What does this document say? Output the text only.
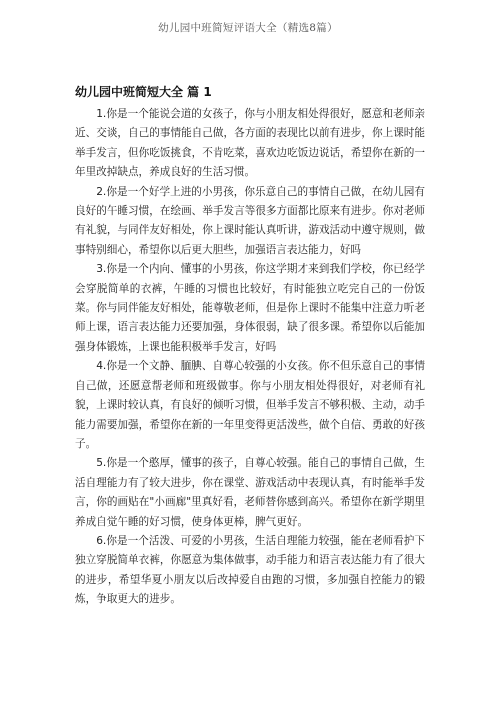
幼儿园中班简短评语大全（精选8篇）
幼儿园中班简短大全 篇 1

1.你是一个能说会道的女孩子，你与小朋友相处得很好，愿意和老师亲近、交谈，自己的事情能自己做，各方面的表现比以前有进步，你上课时能举手发言，但你吃饭挑食，不肯吃菜，喜欢边吃饭边说话，希望你在新的一年里改掉缺点，养成良好的生活习惯。

2.你是一个好学上进的小男孩，你乐意自己的事情自己做，在幼儿园有良好的午睡习惯，在绘画、举手发言等很多方面都比原来有进步。你对老师有礼貌，与同伴友好相处，你上课时能认真听讲，游戏活动中遵守规则，做事特别细心，希望你以后更大胆些，加强语言表达能力，好吗

3.你是一个内向、懂事的小男孩，你这学期才来到我们学校，你已经学会穿脱简单的衣裤，午睡的习惯也比较好，有时能独立吃完自己的一份饭菜。你与同伴能友好相处，能尊敬老师，但是你上课时不能集中注意力听老师上课，语言表达能力还要加强，身体很弱，缺了很多课。希望你以后能加强身体锻炼，上课也能积极举手发言，好吗

4.你是一个文静、腼腆、自尊心较强的小女孩。你不但乐意自己的事情自己做，还愿意帮老师和班级做事。你与小朋友相处得很好，对老师有礼貌，上课时较认真，有良好的倾听习惯，但举手发言不够积极、主动，动手能力需要加强，希望你在新的一年里变得更活泼些，做个自信、勇敢的好孩子。

5.你是一个憨厚，懂事的孩子，自尊心较强。能自己的事情自己做，生活自理能力有了较大进步，你在课堂、游戏活动中表现认真，有时能举手发言，你的画贴在"小画廊"里真好看，老师替你感到高兴。希望你在新学期里养成自觉午睡的好习惯，使身体更棒，脾气更好。

6.你是一个活泼、可爱的小男孩，生活自理能力较强，能在老师看护下独立穿脱简单衣裤，你愿意为集体做事，动手能力和语言表达能力有了很大的进步，希望华夏小朋友以后改掉爱自由跑的习惯，多加强自控能力的锻炼，争取更大的进步。
